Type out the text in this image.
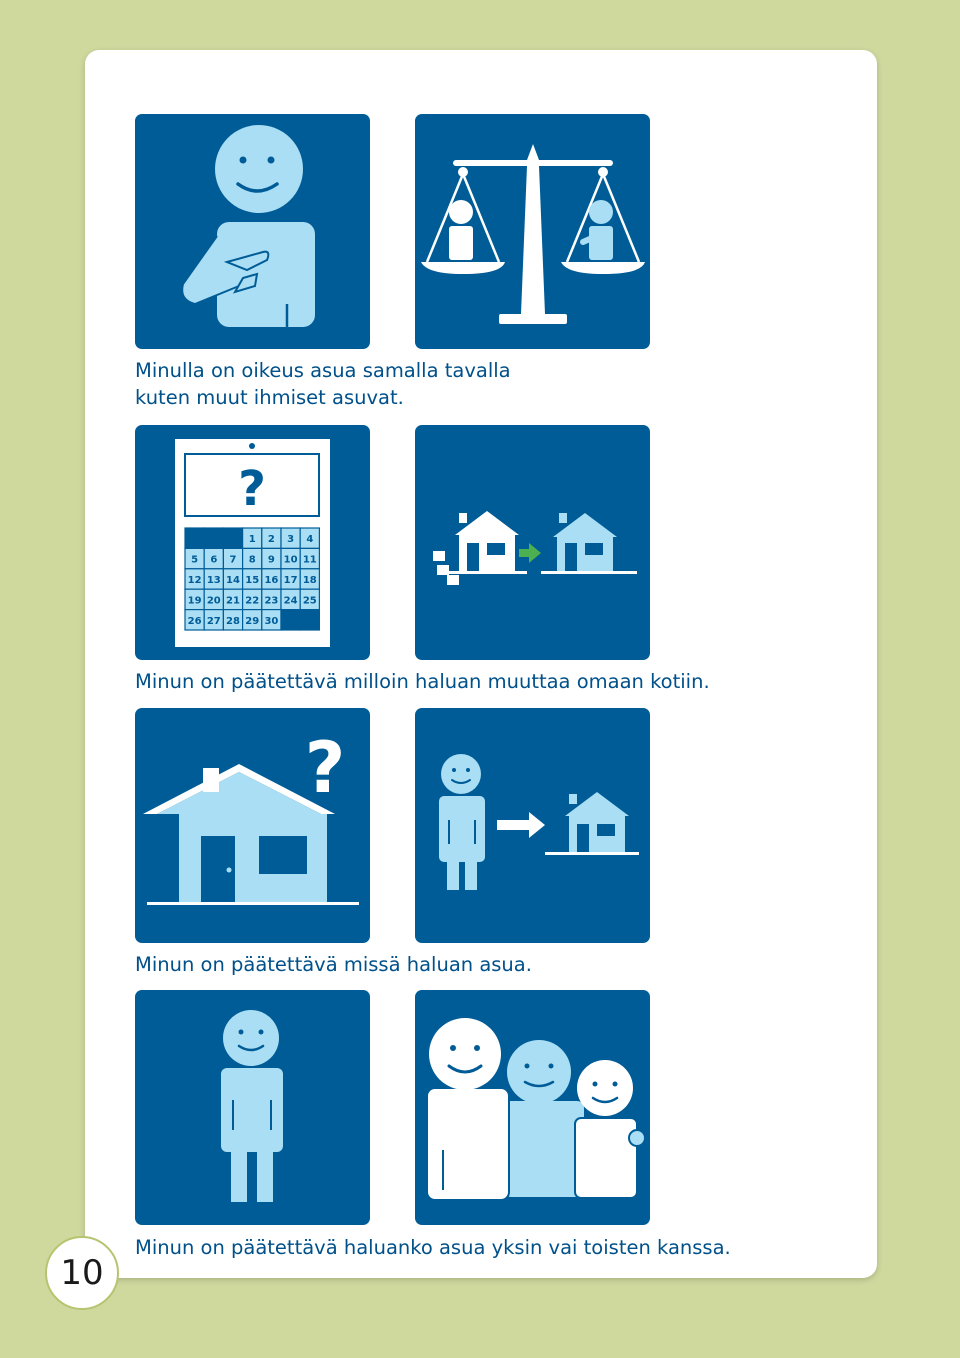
Minulla on oikeus asua samalla tavalla
kuten muut ihmiset asuvat.

?
1 2 3 4
5 6 7 8 9 10 11
12 13 14 15 16 17 18
19 20 21 22 23 24 25
26 27 28 29 30

Minun on päätettävä milloin haluan muuttaa omaan kotiin.

?

Minun on päätettävä missä haluan asua.

Minun on päätettävä haluanko asua yksin vai toisten kanssa.

10
